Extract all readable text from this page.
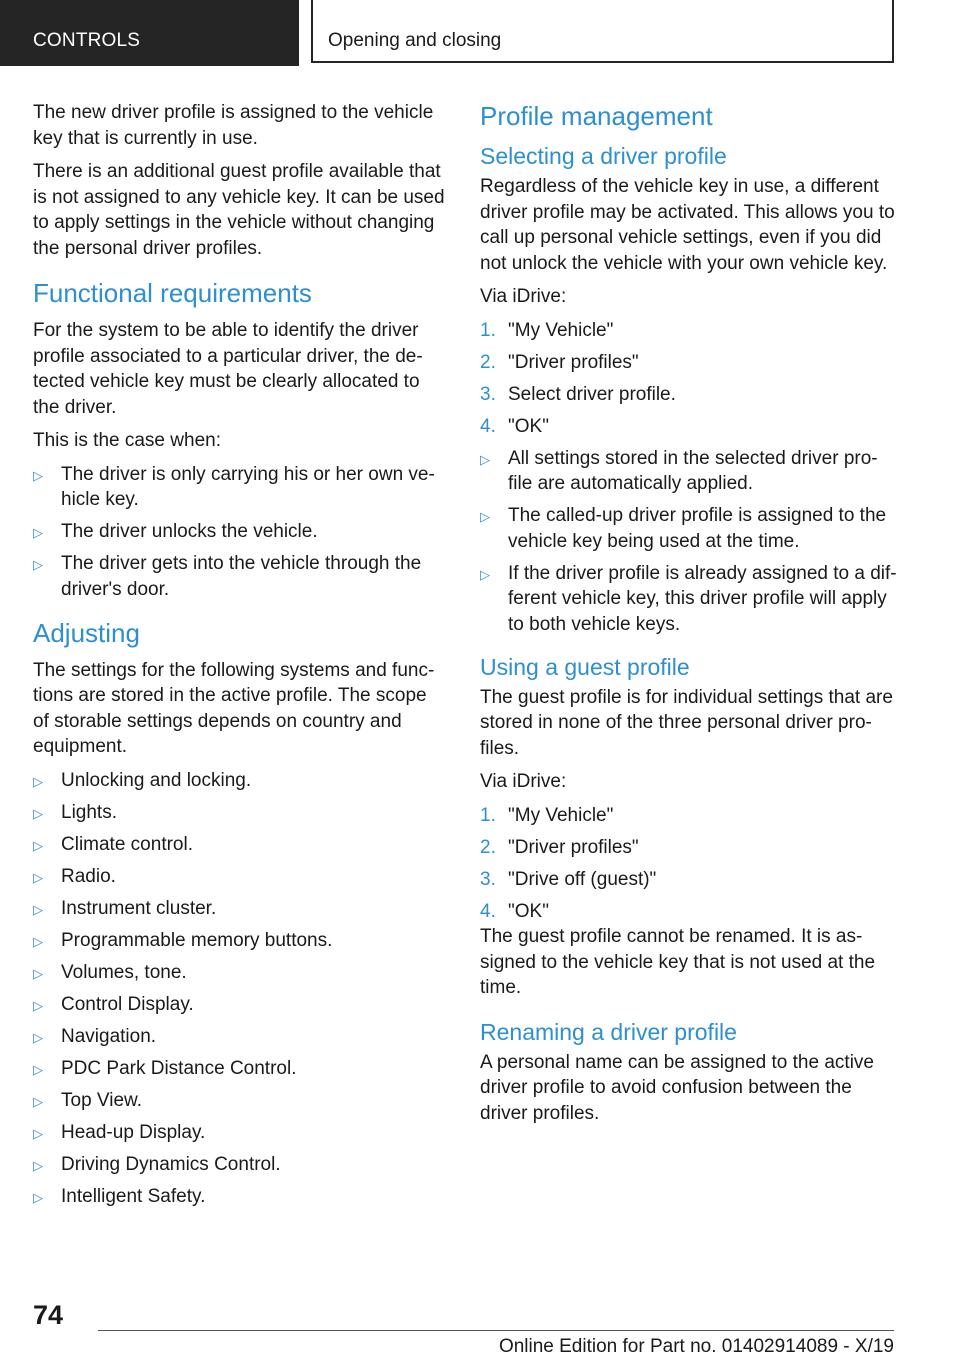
CONTROLS	Opening and closing

The new driver profile is assigned to the vehicle key that is currently in use.

There is an additional guest profile available that is not assigned to any vehicle key. It can be used to apply settings in the vehicle without changing the personal driver profiles.

Functional requirements

For the system to be able to identify the driver profile associated to a particular driver, the de‐tected vehicle key must be clearly allocated to the driver.

This is the case when:

▷ The driver is only carrying his or her own ve‐hicle key.
▷ The driver unlocks the vehicle.
▷ The driver gets into the vehicle through the driver's door.
Adjusting

The settings for the following systems and func‐tions are stored in the active profile. The scope of storable settings depends on country and equipment.

▷ Unlocking and locking.
▷ Lights.
▷ Climate control.
▷ Radio.
▷ Instrument cluster.
▷ Programmable memory buttons.
▷ Volumes, tone.
▷ Control Display.
▷ Navigation.
▷ PDC Park Distance Control.
▷ Top View.
▷ Head-up Display.
▷ Driving Dynamics Control.
▷ Intelligent Safety.
Profile management
Selecting a driver profile

Regardless of the vehicle key in use, a different driver profile may be activated. This allows you to call up personal vehicle settings, even if you did not unlock the vehicle with your own vehicle key.

Via iDrive:

1. "My Vehicle"
2. "Driver profiles"
3. Select driver profile.
4. "OK"
▷ All settings stored in the selected driver pro‐file are automatically applied.
▷ The called-up driver profile is assigned to the vehicle key being used at the time.
▷ If the driver profile is already assigned to a dif‐ferent vehicle key, this driver profile will apply to both vehicle keys.
Using a guest profile

The guest profile is for individual settings that are stored in none of the three personal driver pro‐files.

Via iDrive:

1. "My Vehicle"
2. "Driver profiles"
3. "Drive off (guest)"
4. "OK"

The guest profile cannot be renamed. It is as‐signed to the vehicle key that is not used at the time.

Renaming a driver profile

A personal name can be assigned to the active driver profile to avoid confusion between the driver profiles.

74
Online Edition for Part no. 01402914089 - X/19
